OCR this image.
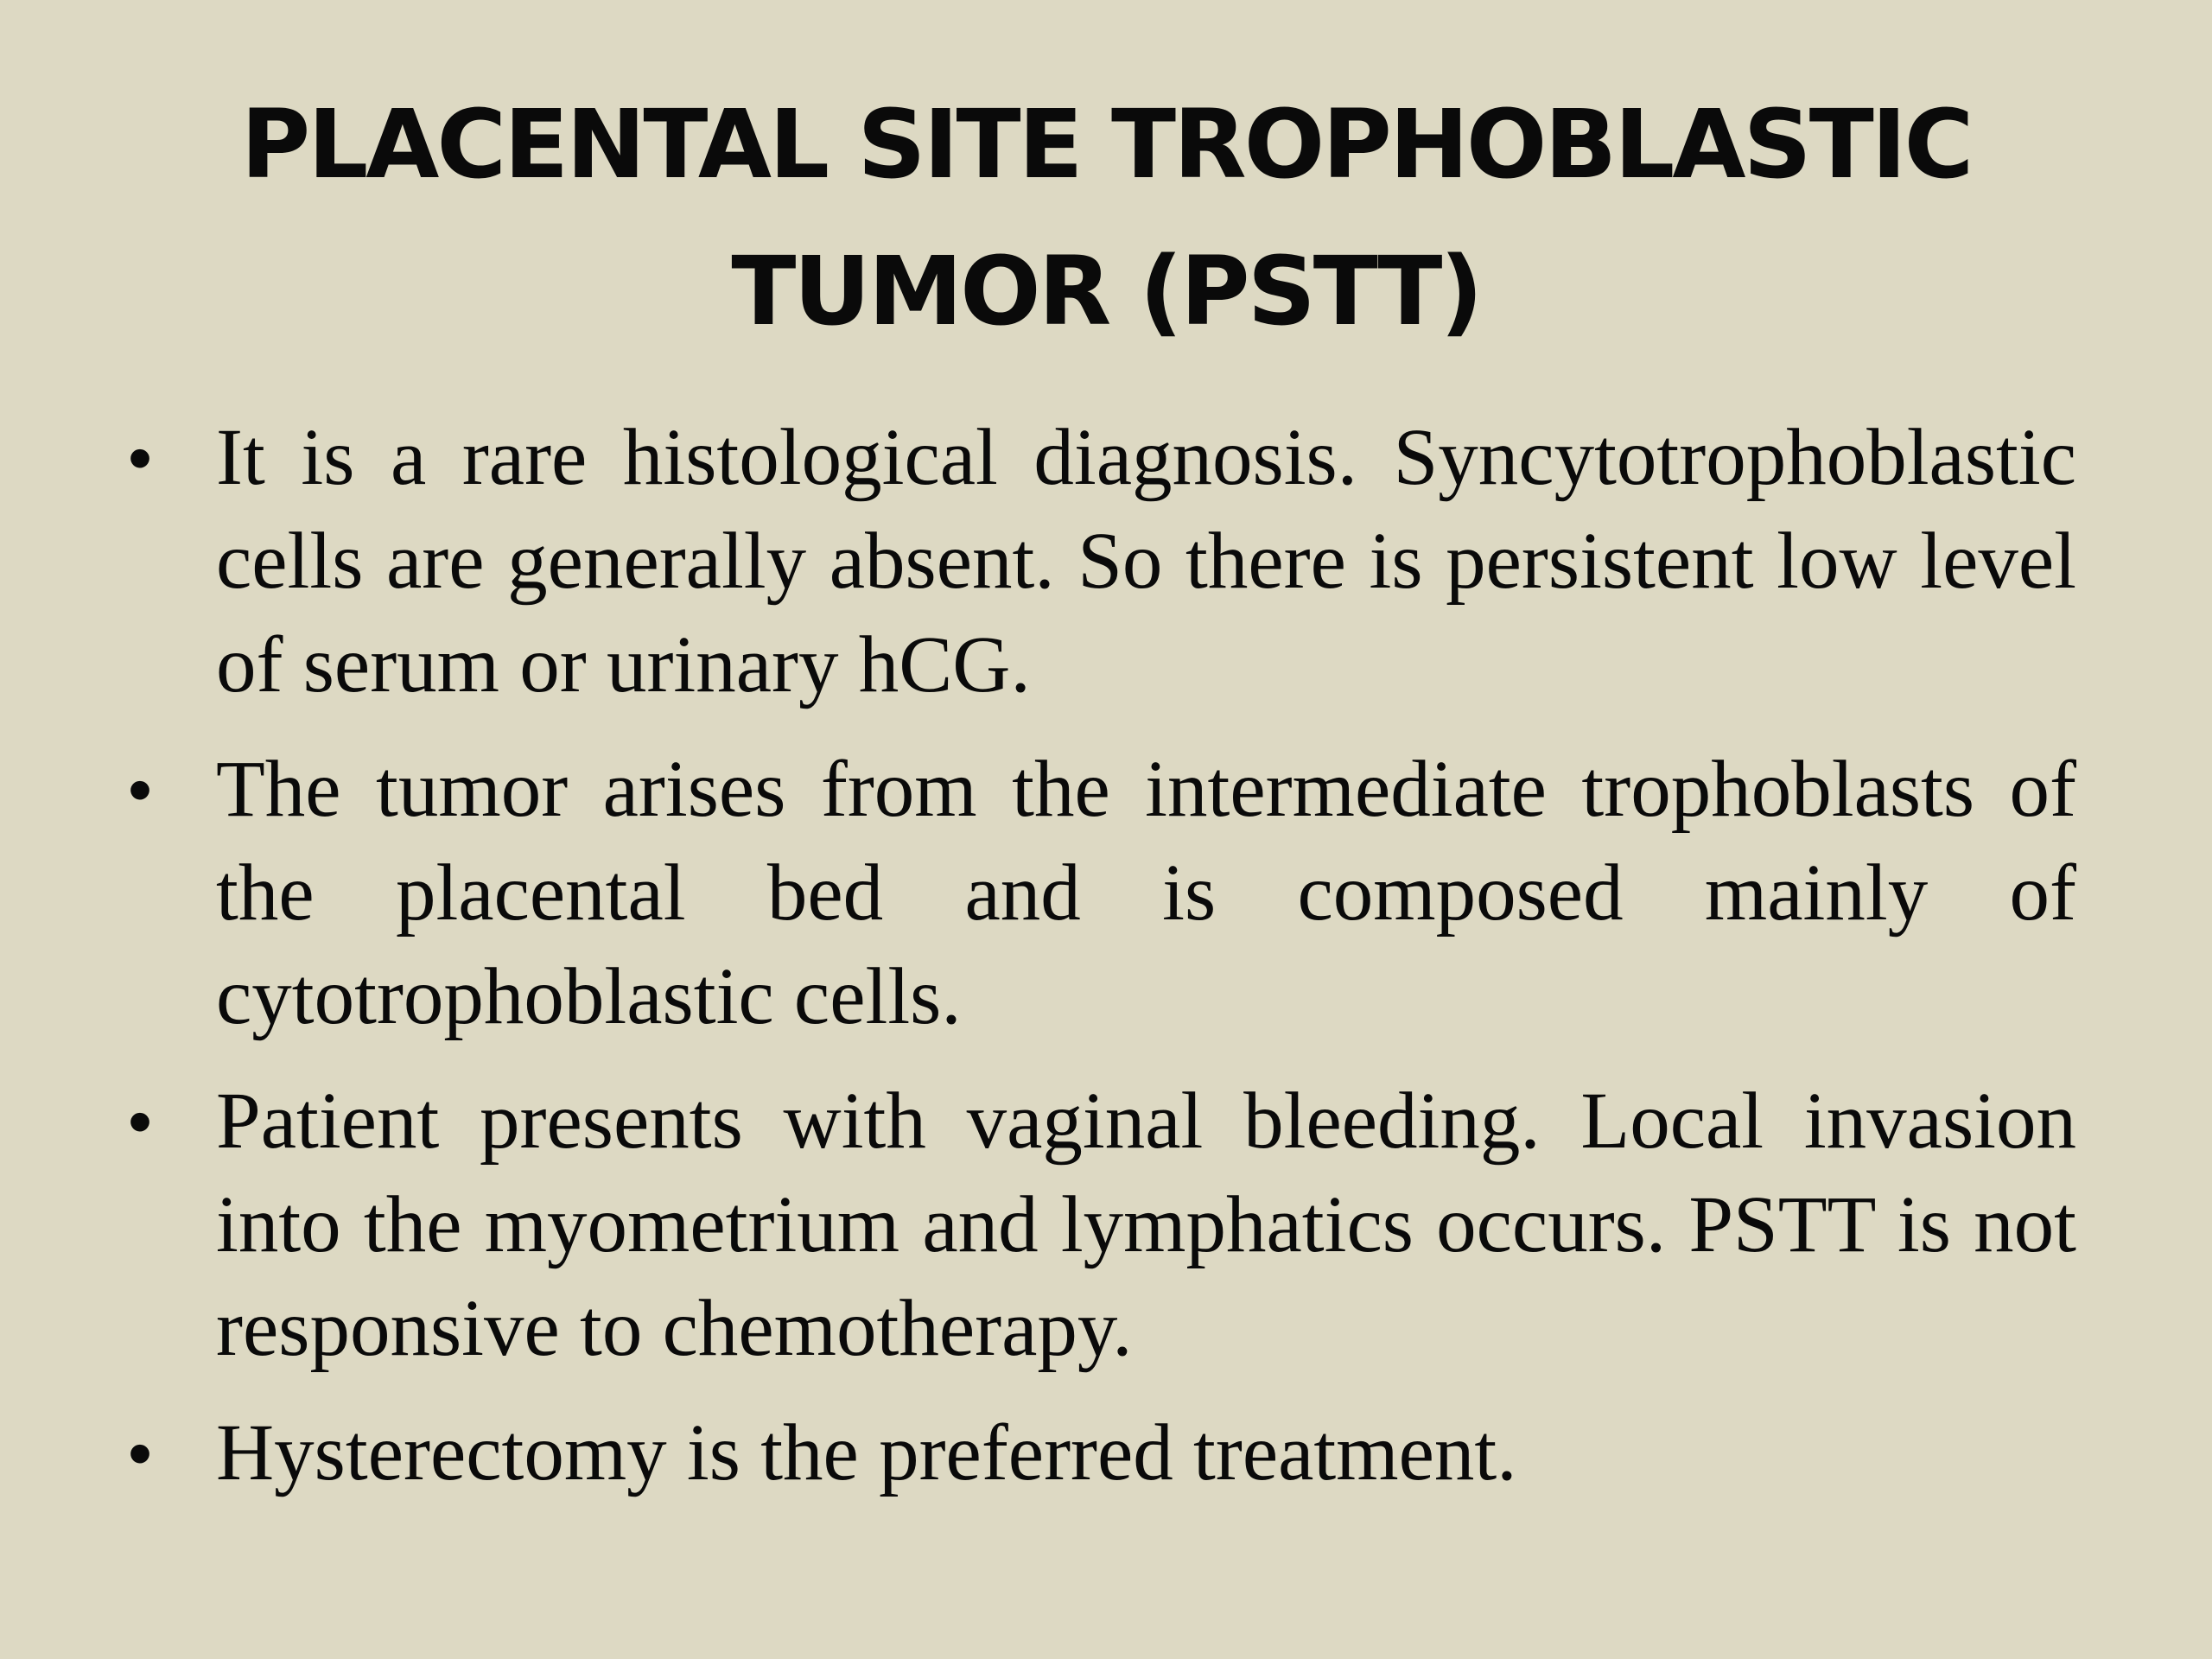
PLACENTAL SITE TROPHOBLASTIC
TUMOR (PSTT)
• It is a rare histological diagnosis. Syncytotrophoblastic cells are generally absent. So there is persistent low level of serum or urinary hCG.
• The tumor arises from the intermediate trophoblasts of the placental bed and is composed mainly of cytotrophoblastic cells.
• Patient presents with vaginal bleeding. Local invasion into the myometrium and lymphatics occurs. PSTT is not responsive to chemotherapy.
• Hysterectomy is the preferred treatment.
